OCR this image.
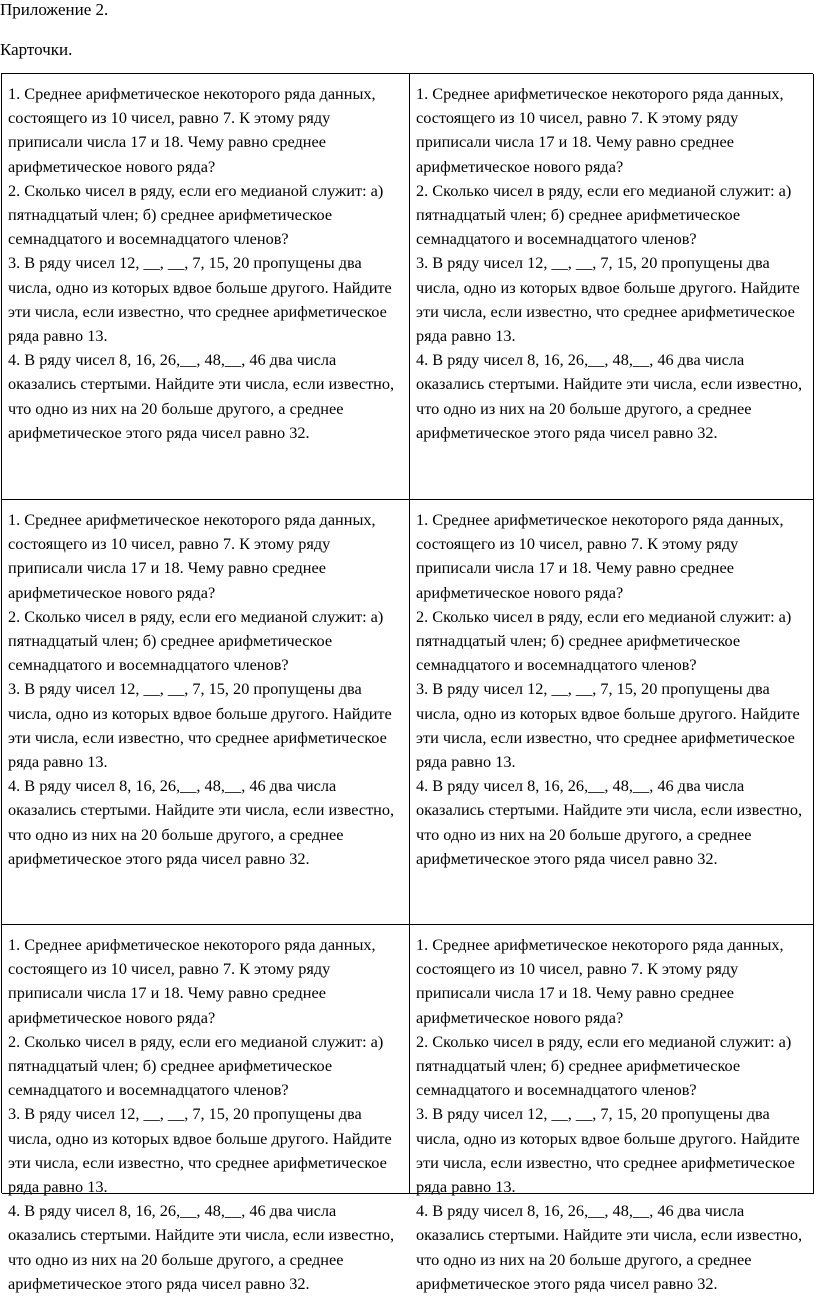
Приложение 2.
Карточки.

1. Среднее арифметическое некоторого ряда данных, состоящего из 10 чисел, равно 7. К этому ряду приписали числа 17 и 18. Чему равно среднее арифметическое нового ряда?

2. Сколько чисел в ряду, если его медианой служит: а) пятнадцатый член; б) среднее арифметическое семнадцатого и восемнадцатого членов?

3. В ряду чисел 12, __, __, 7, 15, 20 пропущены два числа, одно из которых вдвое больше другого. Найдите эти числа, если известно, что среднее арифметическое ряда равно 13.

4. В ряду чисел 8, 16, 26,__, 48,__, 46 два числа оказались стертыми. Найдите эти числа, если известно, что одно из них на 20 больше другого, а среднее арифметическое этого ряда чисел равно 32.

1. Среднее арифметическое некоторого ряда данных, состоящего из 10 чисел, равно 7. К этому ряду приписали числа 17 и 18. Чему равно среднее арифметическое нового ряда?

2. Сколько чисел в ряду, если его медианой служит: а) пятнадцатый член; б) среднее арифметическое семнадцатого и восемнадцатого членов?

3. В ряду чисел 12, __, __, 7, 15, 20 пропущены два числа, одно из которых вдвое больше другого. Найдите эти числа, если известно, что среднее арифметическое ряда равно 13.

4. В ряду чисел 8, 16, 26,__, 48,__, 46 два числа оказались стертыми. Найдите эти числа, если известно, что одно из них на 20 больше другого, а среднее арифметическое этого ряда чисел равно 32.

1. Среднее арифметическое некоторого ряда данных, состоящего из 10 чисел, равно 7. К этому ряду приписали числа 17 и 18. Чему равно среднее арифметическое нового ряда?

2. Сколько чисел в ряду, если его медианой служит: а) пятнадцатый член; б) среднее арифметическое семнадцатого и восемнадцатого членов?

3. В ряду чисел 12, __, __, 7, 15, 20 пропущены два числа, одно из которых вдвое больше другого. Найдите эти числа, если известно, что среднее арифметическое ряда равно 13.

4. В ряду чисел 8, 16, 26,__, 48,__, 46 два числа оказались стертыми. Найдите эти числа, если известно, что одно из них на 20 больше другого, а среднее арифметическое этого ряда чисел равно 32.

1. Среднее арифметическое некоторого ряда данных, состоящего из 10 чисел, равно 7. К этому ряду приписали числа 17 и 18. Чему равно среднее арифметическое нового ряда?

2. Сколько чисел в ряду, если его медианой служит: а) пятнадцатый член; б) среднее арифметическое семнадцатого и восемнадцатого членов?

3. В ряду чисел 12, __, __, 7, 15, 20 пропущены два числа, одно из которых вдвое больше другого. Найдите эти числа, если известно, что среднее арифметическое ряда равно 13.

4. В ряду чисел 8, 16, 26,__, 48,__, 46 два числа оказались стертыми. Найдите эти числа, если известно, что одно из них на 20 больше другого, а среднее арифметическое этого ряда чисел равно 32.

1. Среднее арифметическое некоторого ряда данных, состоящего из 10 чисел, равно 7. К этому ряду приписали числа 17 и 18. Чему равно среднее арифметическое нового ряда?

2. Сколько чисел в ряду, если его медианой служит: а) пятнадцатый член; б) среднее арифметическое семнадцатого и восемнадцатого членов?

3. В ряду чисел 12, __, __, 7, 15, 20 пропущены два числа, одно из которых вдвое больше другого. Найдите эти числа, если известно, что среднее арифметическое ряда равно 13.

4. В ряду чисел 8, 16, 26,__, 48,__, 46 два числа оказались стертыми. Найдите эти числа, если известно, что одно из них на 20 больше другого, а среднее арифметическое этого ряда чисел равно 32.

1. Среднее арифметическое некоторого ряда данных, состоящего из 10 чисел, равно 7. К этому ряду приписали числа 17 и 18. Чему равно среднее арифметическое нового ряда?

2. Сколько чисел в ряду, если его медианой служит: а) пятнадцатый член; б) среднее арифметическое семнадцатого и восемнадцатого членов?

3. В ряду чисел 12, __, __, 7, 15, 20 пропущены два числа, одно из которых вдвое больше другого. Найдите эти числа, если известно, что среднее арифметическое ряда равно 13.

4. В ряду чисел 8, 16, 26,__, 48,__, 46 два числа оказались стертыми. Найдите эти числа, если известно, что одно из них на 20 больше другого, а среднее арифметическое этого ряда чисел равно 32.
